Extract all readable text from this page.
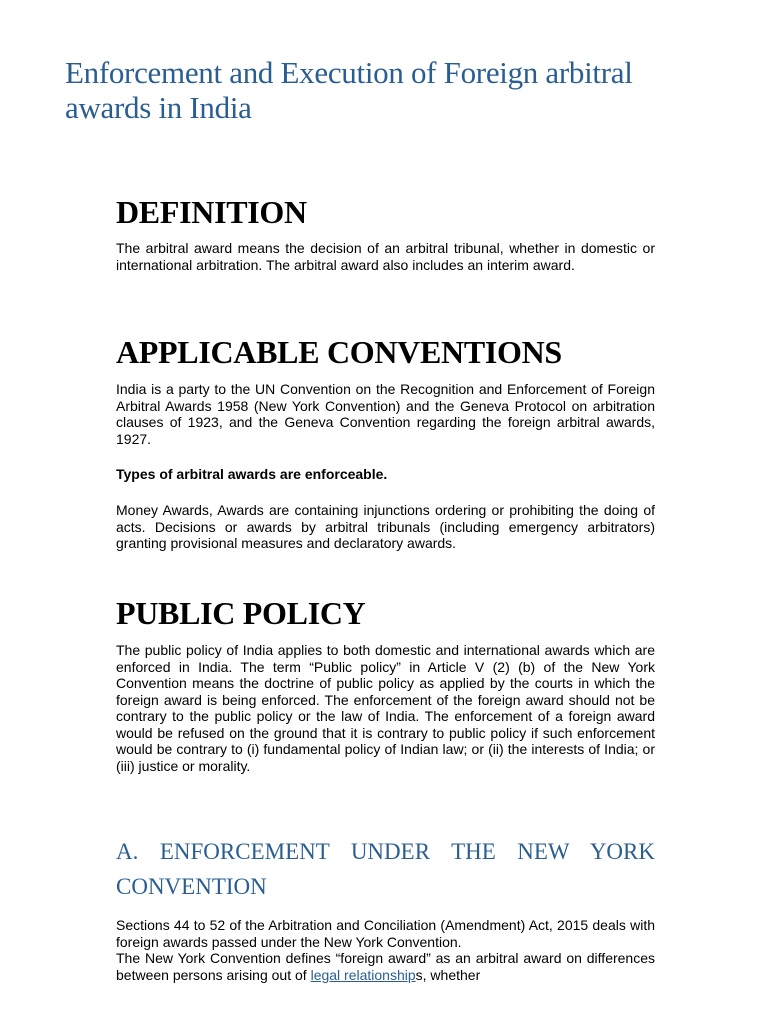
Enforcement and Execution of Foreign arbitral awards in India
DEFINITION

The arbitral award means the decision of an arbitral tribunal, whether in domestic or international arbitration. The arbitral award also includes an interim award.

APPLICABLE CONVENTIONS

India is a party to the UN Convention on the Recognition and Enforcement of Foreign Arbitral Awards 1958 (New York Convention) and the Geneva Protocol on arbitration clauses of 1923, and the Geneva Convention regarding the foreign arbitral awards, 1927.

Types of arbitral awards are enforceable.

Money Awards, Awards are containing injunctions ordering or prohibiting the doing of acts. Decisions or awards by arbitral tribunals (including emergency arbitrators) granting provisional measures and declaratory awards.

PUBLIC POLICY

The public policy of India applies to both domestic and international awards which are enforced in India. The term “Public policy” in Article V (2) (b) of the New York Convention means the doctrine of public policy as applied by the courts in which the foreign award is being enforced. The enforcement of the foreign award should not be contrary to the public policy or the law of India. The enforcement of a foreign award would be refused on the ground that it is contrary to public policy if such enforcement would be contrary to (i) fundamental policy of Indian law; or (ii) the interests of India; or (iii) justice or morality.

A. ENFORCEMENT UNDER THE NEW YORK CONVENTION

Sections 44 to 52 of the Arbitration and Conciliation (Amendment) Act, 2015 deals with foreign awards passed under the New York Convention.

The New York Convention defines “foreign award” as an arbitral award on differences between persons arising out of legal relationships, whether
